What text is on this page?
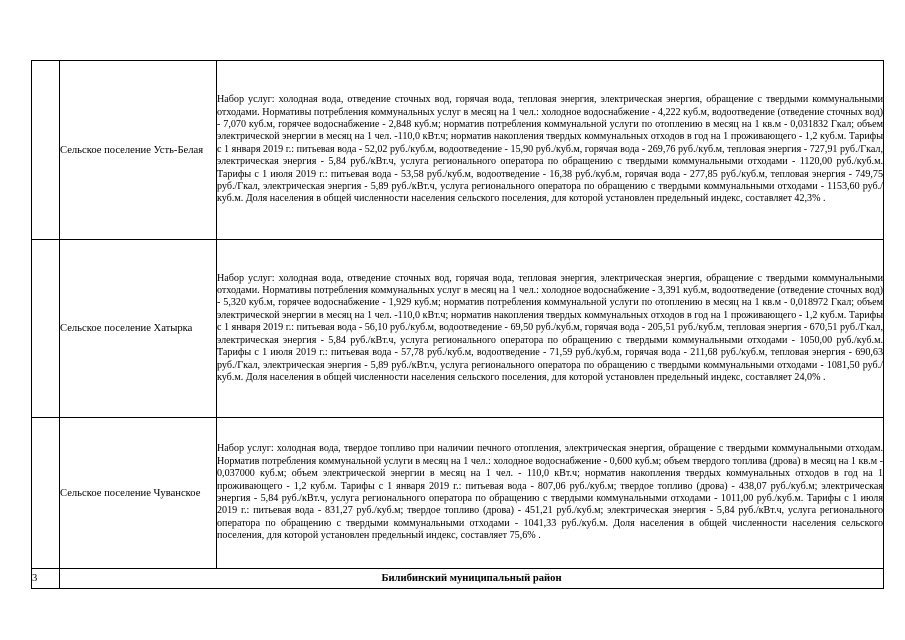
	Сельское поселение Усть-Белая	Набор услуг: холодная вода, отведение сточных вод, горячая вода, тепловая энергия, электрическая энергия, обращение с твердыми коммунальными отходами. Нормативы потребления коммунальных услуг в месяц на 1 чел.: холодное водоснабжение - 4,222 куб.м, водоотведение (отведение сточных вод) - 7,070 куб.м, горячее водоснабжение - 2,848 куб.м; норматив потребления коммунальной услуги по отоплению в месяц на 1 кв.м - 0,031832 Гкал; объем электрической энергии в месяц на 1 чел. -110,0 кВт.ч; норматив накопления твердых коммунальных отходов в год на 1 проживающего - 1,2 куб.м. Тарифы с 1 января 2019 г.: питьевая вода - 52,02 руб./куб.м, водоотведение - 15,90 руб./куб.м, горячая вода - 269,76 руб./куб.м, тепловая энергия - 727,91 руб./Гкал, электрическая энергия - 5,84 руб./кВт.ч, услуга регионального оператора по обращению с твердыми коммунальными отходами - 1120,00 руб./куб.м. Тарифы с 1 июля 2019 г.: питьевая вода - 53,58 руб./куб.м, водоотведение - 16,38 руб./куб.м, горячая вода - 277,85 руб./куб.м, тепловая энергия - 749,75 руб./Гкал, электрическая энергия - 5,89 руб./кВт.ч, услуга регионального оператора по обращению с твердыми коммунальными отходами - 1153,60 руб./куб.м. Доля населения в общей численности населения сельского поселения, для которой установлен предельный индекс, составляет 42,3% .
	Сельское поселение Хатырка	Набор услуг: холодная вода, отведение сточных вод, горячая вода, тепловая энергия, электрическая энергия, обращение с твердыми коммунальными отходами. Нормативы потребления коммунальных услуг в месяц на 1 чел.: холодное водоснабжение - 3,391 куб.м, водоотведение (отведение сточных вод) - 5,320 куб.м, горячее водоснабжение - 1,929 куб.м; норматив потребления коммунальной услуги по отоплению в месяц на 1 кв.м - 0,018972 Гкал; объем электрической энергии в месяц на 1 чел. -110,0 кВт.ч; норматив накопления твердых коммунальных отходов в год на 1 проживающего - 1,2 куб.м. Тарифы с 1 января 2019 г.: питьевая вода - 56,10 руб./куб.м, водоотведение - 69,50 руб./куб.м, горячая вода - 205,51 руб./куб.м, тепловая энергия - 670,51 руб./Гкал, электрическая энергия - 5,84 руб./кВт.ч, услуга регионального оператора по обращению с твердыми коммунальными отходами - 1050,00 руб./куб.м. Тарифы с 1 июля 2019 г.: питьевая вода - 57,78 руб./куб.м, водоотведение - 71,59 руб./куб.м, горячая вода - 211,68 руб./куб.м, тепловая энергия - 690,63 руб./Гкал, электрическая энергия - 5,89 руб./кВт.ч, услуга регионального оператора по обращению с твердыми коммунальными отходами - 1081,50 руб./куб.м. Доля населения в общей численности населения сельского поселения, для которой установлен предельный индекс, составляет 24,0% .
	Сельское поселение Чуванское	Набор услуг: холодная вода, твердое топливо при наличии печного отопления, электрическая энергия, обращение с твердыми коммунальными отходам. Норматив потребления коммунальной услуги в месяц на 1 чел.: холодное водоснабжение - 0,600 куб.м; объем твердого топлива (дрова) в месяц на 1 кв.м - 0,037000 куб.м; объем электрической энергии в месяц на 1 чел. - 110,0 кВт.ч; норматив накопления твердых коммунальных отходов в год на 1 проживающего - 1,2 куб.м. Тарифы с 1 января 2019 г.: питьевая вода - 807,06 руб./куб.м; твердое топливо (дрова) - 438,07 руб./куб.м; электрическая энергия - 5,84 руб./кВт.ч, услуга регионального оператора по обращению с твердыми коммунальными отходами - 1011,00 руб./куб.м. Тарифы с 1 июля 2019 г.: питьевая вода - 831,27 руб./куб.м; твердое топливо (дрова) - 451,21 руб./куб.м; электрическая энергия - 5,84 руб./кВт.ч, услуга регионального оператора по обращению с твердыми коммунальными отходами - 1041,33 руб./куб.м. Доля населения в общей численности населения сельского поселения, для которой установлен предельный индекс, составляет 75,6% .
3	Билибинский муниципальный район	
